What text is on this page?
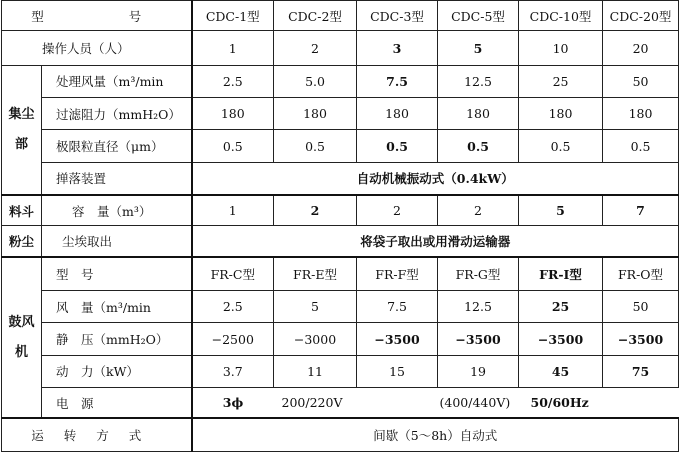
型　　号		CDC-1型	CDC-2型	CDC-3型	CDC-5型	CDC-10型	CDC-20型
操作人员（人）		1	2	3	5	10	20
集尘部	处理风量（m³/min	2.5	5.0	7.5	12.5	25	50
	过滤阻力（mmH₂O）	180	180	180	180	180	180
	极限粒直径（μm）	0.5	0.5	0.5	0.5	0.5	0.5
	掸落装置	自动机械振动式（0.4kW）					
料斗	容　量（m³）	1	2	2	2	5	7
粉尘	尘埃取出	将袋子取出或用滑动运输器					
鼓风机	型　号	FR-C型	FR-E型	FR-F型	FR-G型	FR-I型	FR-O型
	风　量（m³/min	2.5	5	7.5	12.5	25	50
	静　压（mmH₂O）	−2500	−3000	−3500	−3500	−3500	−3500
	动　力（kW）	3.7	11	15	19	45	75
	电　源	3ϕ	200/220V		(400/440V)	50/60Hz	
运转方式		间歇（5～8h）自动式					
